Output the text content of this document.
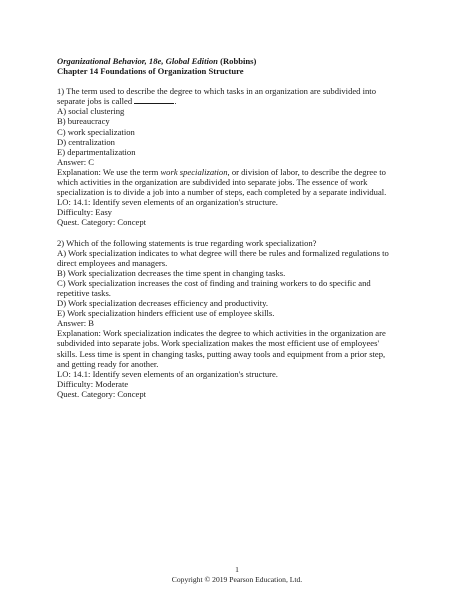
Organizational Behavior, 18e, Global Edition (Robbins)
Chapter 14 Foundations of Organization Structure
1) The term used to describe the degree to which tasks in an organization are subdivided into
separate jobs is called	.
A) social clustering
B) bureaucracy
C) work specialization
D) centralization
E) departmentalization
Answer: C
Explanation: We use the term work specialization, or division of labor, to describe the degree to
which activities in the organization are subdivided into separate jobs. The essence of work
specialization is to divide a job into a number of steps, each completed by a separate individual.
LO: 14.1: Identify seven elements of an organization's structure.
Difficulty: Easy
Quest. Category: Concept
2) Which of the following statements is true regarding work specialization?
A) Work specialization indicates to what degree will there be rules and formalized regulations to
direct employees and managers.
B) Work specialization decreases the time spent in changing tasks.
C) Work specialization increases the cost of finding and training workers to do specific and
repetitive tasks.
D) Work specialization decreases efficiency and productivity.
E) Work specialization hinders efficient use of employee skills.
Answer: B
Explanation: Work specialization indicates the degree to which activities in the organization are
subdivided into separate jobs. Work specialization makes the most efficient use of employees'
skills. Less time is spent in changing tasks, putting away tools and equipment from a prior step,
and getting ready for another.
LO: 14.1: Identify seven elements of an organization's structure.
Difficulty: Moderate
Quest. Category: Concept
1
Copyright © 2019 Pearson Education, Ltd.
